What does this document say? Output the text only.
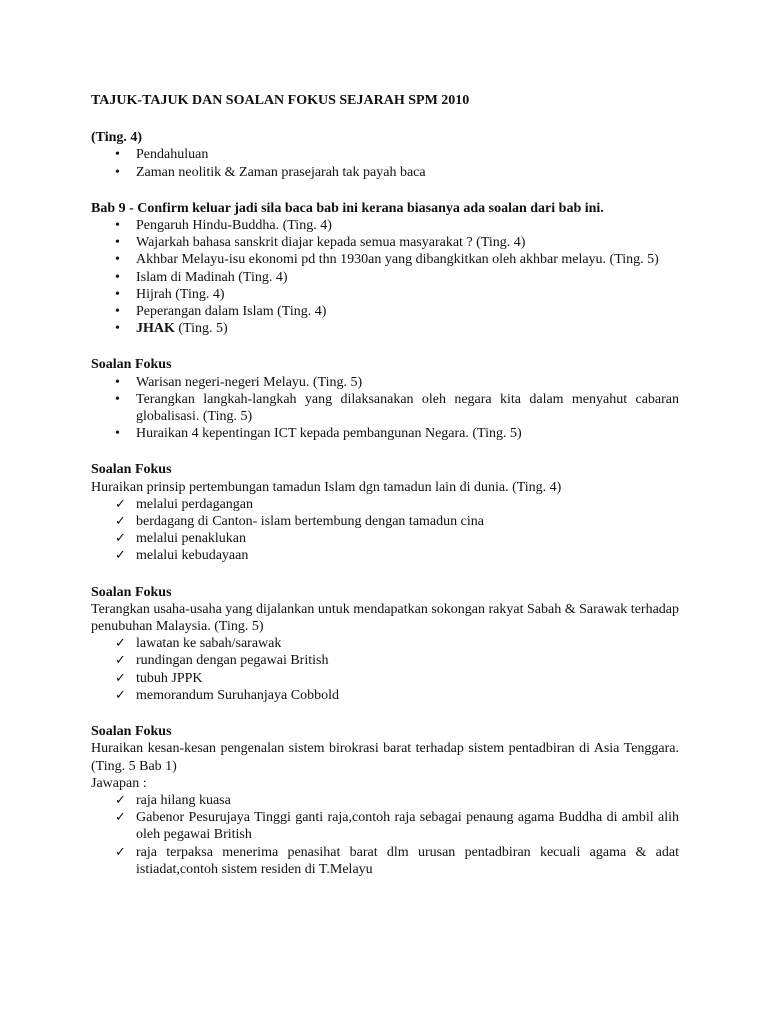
TAJUK-TAJUK DAN SOALAN FOKUS SEJARAH SPM 2010
(Ting. 4)
•
Pendahuluan
•
Zaman neolitik & Zaman prasejarah tak payah baca
Bab 9 - Confirm keluar jadi sila baca bab ini kerana biasanya ada soalan dari bab ini.
•
Pengaruh Hindu-Buddha. (Ting. 4)
•
Wajarkah bahasa sanskrit diajar kepada semua masyarakat ? (Ting. 4)
•
Akhbar Melayu-isu ekonomi pd thn 1930an yang dibangkitkan oleh akhbar melayu. (Ting. 5)
•
Islam di Madinah (Ting. 4)
•
Hijrah (Ting. 4)
•
Peperangan dalam Islam (Ting. 4)
•
JHAK (Ting. 5)
Soalan Fokus
•
Warisan negeri-negeri Melayu. (Ting. 5)
•
Terangkan langkah-langkah yang dilaksanakan oleh negara kita dalam menyahut cabaran globalisasi. (Ting. 5)
•
Huraikan 4 kepentingan ICT kepada pembangunan Negara. (Ting. 5)
Soalan Fokus
Huraikan prinsip pertembungan tamadun Islam dgn tamadun lain di dunia. (Ting. 4)
✓
melalui perdagangan
✓
berdagang di Canton- islam bertembung dengan tamadun cina
✓
melalui penaklukan
✓
melalui kebudayaan
Soalan Fokus
Terangkan usaha-usaha yang dijalankan untuk mendapatkan sokongan rakyat Sabah & Sarawak terhadap penubuhan Malaysia. (Ting. 5)
✓
lawatan ke sabah/sarawak
✓
rundingan dengan pegawai British
✓
tubuh JPPK
✓
memorandum Suruhanjaya Cobbold
Soalan Fokus
Huraikan kesan-kesan pengenalan sistem birokrasi barat terhadap sistem pentadbiran di Asia Tenggara. (Ting. 5 Bab 1)
Jawapan :
✓
raja hilang kuasa
✓
Gabenor Pesurujaya Tinggi ganti raja,contoh raja sebagai penaung agama Buddha di ambil alih oleh pegawai British
✓
raja terpaksa menerima penasihat barat dlm urusan pentadbiran kecuali agama & adat istiadat,contoh sistem residen di T.Melayu
